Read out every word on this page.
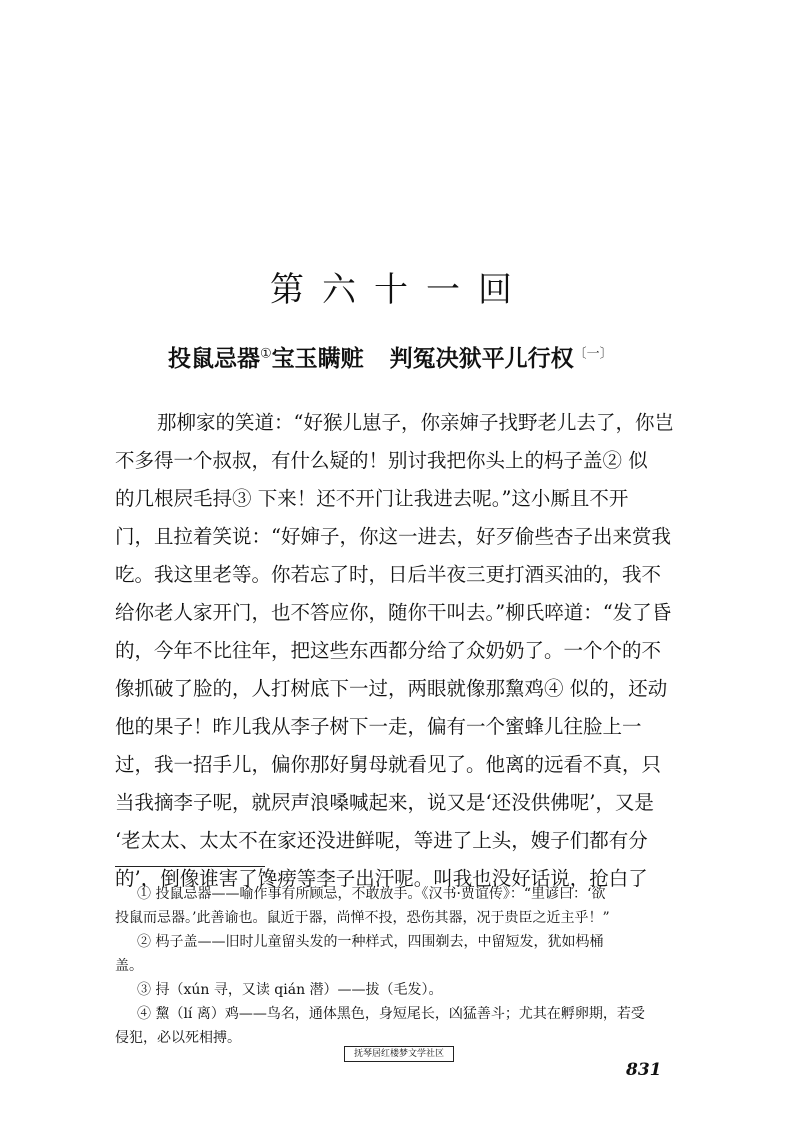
第六十一回
投鼠忌器①宝玉瞒赃 判冤决狱平儿行权$^{〔一〕}$
那柳家的笑道：“好猴儿崽子，你亲婶子找野老儿去了，你岂
不多得一个叔叔，有什么疑的！别讨我把你头上的杩子盖② 似
的几根屄毛挦③ 下来！还不开门让我进去呢。”这小厮且不开
门，且拉着笑说：“好婶子，你这一进去，好歹偷些杏子出来赏我
吃。我这里老等。你若忘了时，日后半夜三更打酒买油的，我不
给你老人家开门，也不答应你，随你干叫去。”柳氏啐道：“发了昏
的，今年不比往年，把这些东西都分给了众奶奶了。一个个的不
像抓破了脸的，人打树底下一过，两眼就像那黧鸡④ 似的，还动
他的果子！昨儿我从李子树下一走，偏有一个蜜蜂儿往脸上一
过，我一招手儿，偏你那好舅母就看见了。他离的远看不真，只
当我摘李子呢，就屄声浪嗓喊起来，说又是‘还没供佛呢’，又是
‘老太太、太太不在家还没进鲜呢，等进了上头，嫂子们都有分
的’，倒像谁害了馋痨等李子出汗呢。叫我也没好话说，抢白了
① 投鼠忌器——喻作事有所顾忌，不敢放手。《汉书·贾谊传》：“里谚曰：‘欲
投鼠而忌器。’此善谕也。鼠近于器，尚惮不投，恐伤其器，况于贵臣之近主乎！”
② 杩子盖——旧时儿童留头发的一种样式，四围剃去，中留短发，犹如杩桶
盖。
③ 挦（xún 寻，又读 qián 潜）——拔（毛发）。
④ 黧（lí 离）鸡——鸟名，通体黑色，身短尾长，凶猛善斗；尤其在孵卵期，若受
侵犯，必以死相搏。
抚琴居红楼梦文学社区
831
